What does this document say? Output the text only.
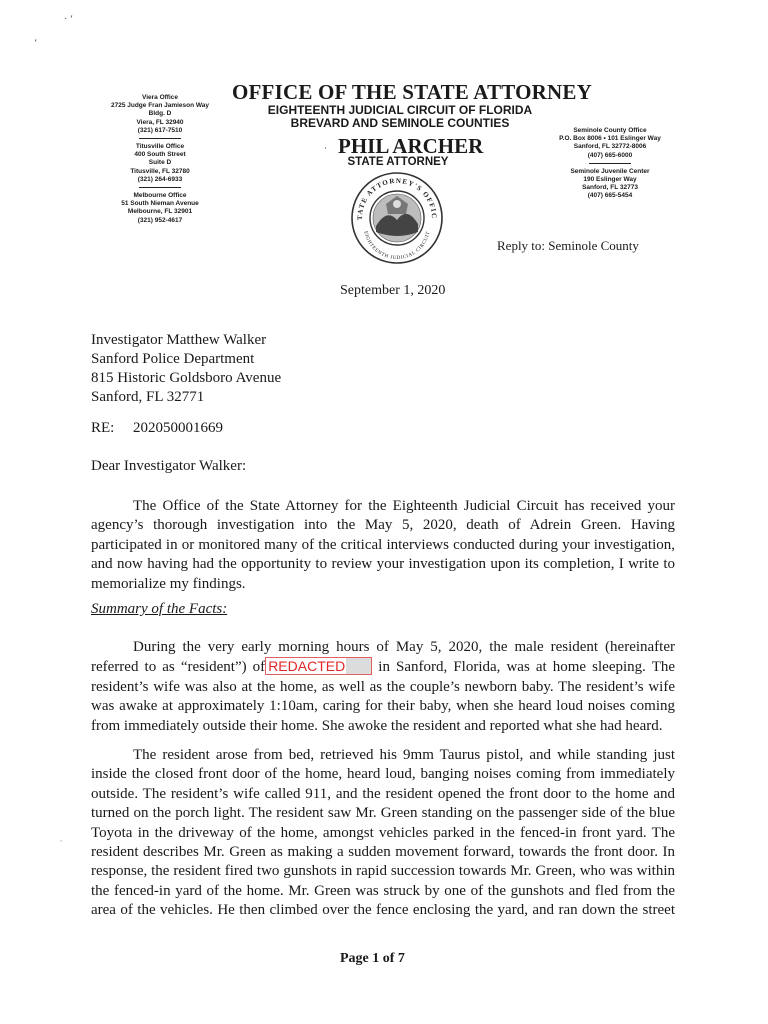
· ‘
‘
Viera Office
2725 Judge Fran Jamieson Way
Bldg. D
Viera, FL 32940
(321) 617-7510
Titusville Office
400 South Street
Suite D
Titusville, FL 32780
(321) 264-6933
Melbourne Office
51 South Nieman Avenue
Melbourne, FL 32901
(321) 952-4617
OFFICE OF THE STATE ATTORNEY
EIGHTEENTH JUDICIAL CIRCUIT OF FLORIDA
BREVARD AND SEMINOLE COUNTIES
· PHIL ARCHER
STATE ATTORNEY
TATE ATTORNEY'S OFFIC
EIGHTEENTH JUDICIAL CIRCUIT
Seminole County Office
P.O. Box 8006 • 101 Eslinger Way
Sanford, FL 32772-8006
(407) 665-6000
Seminole Juvenile Center
190 Eslinger Way
Sanford, FL 32773
(407) 665-5454
Reply to: Seminole County
September 1, 2020
Investigator Matthew Walker
Sanford Police Department
815 Historic Goldsboro Avenue
Sanford, FL 32771
RE: 202050001669
Dear Investigator Walker:
The Office of the State Attorney for the Eighteenth Judicial Circuit has received your
agency’s thorough investigation into the May 5, 2020, death of Adrein Green. Having
participated in or monitored many of the critical interviews conducted during your investigation,
and now having had the opportunity to review your investigation upon its completion, I write to
memorialize my findings.
Summary of the Facts:
During the very early morning hours of May 5, 2020, the male resident (hereinafter
referred to as “resident”) of REDACTED in Sanford, Florida, was at home sleeping. The
resident’s wife was also at the home, as well as the couple’s newborn baby. The resident’s wife
was awake at approximately 1:10am, caring for their baby, when she heard loud noises coming
from immediately outside their home. She awoke the resident and reported what she had heard.
The resident arose from bed, retrieved his 9mm Taurus pistol, and while standing just
inside the closed front door of the home, heard loud, banging noises coming from immediately
outside. The resident’s wife called 911, and the resident opened the front door to the home and
turned on the porch light. The resident saw Mr. Green standing on the passenger side of the blue
Toyota in the driveway of the home, amongst vehicles parked in the fenced-in front yard. The
resident describes Mr. Green as making a sudden movement forward, towards the front door. In
response, the resident fired two gunshots in rapid succession towards Mr. Green, who was within
the fenced-in yard of the home. Mr. Green was struck by one of the gunshots and fled from the
area of the vehicles. He then climbed over the fence enclosing the yard, and ran down the street
·
Page 1 of 7
